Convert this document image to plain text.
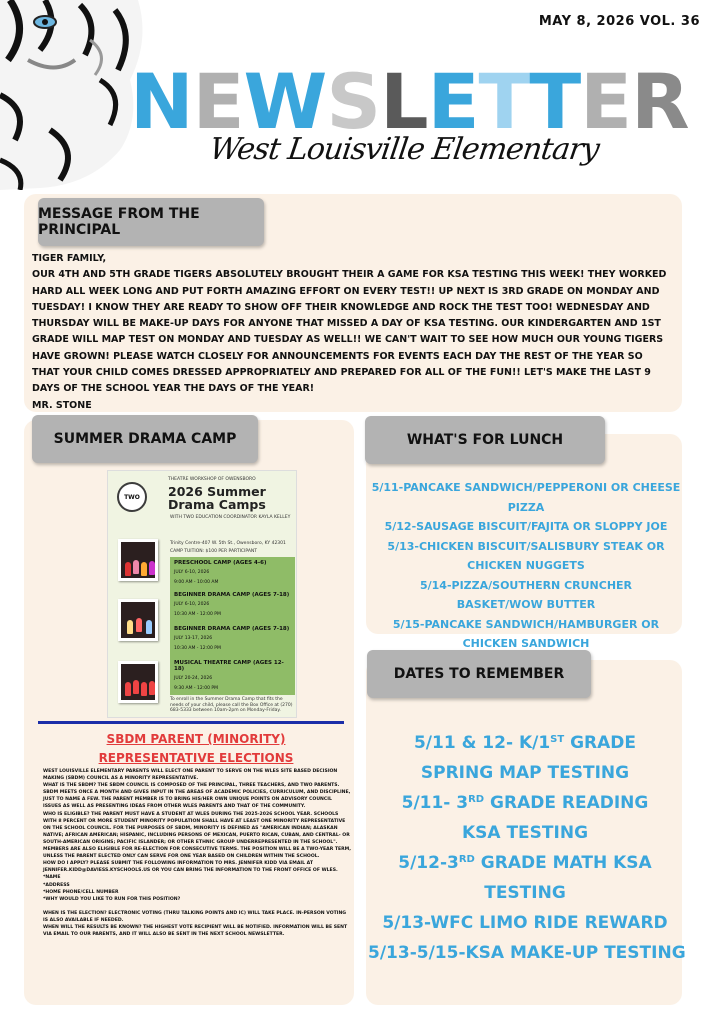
MAY 8, 2026 VOL. 36
N E W S L E T T E R
West Louisville Elementary
MESSAGE FROM THE PRINCIPAL
TIGER FAMILY,
OUR 4TH AND 5TH GRADE TIGERS ABSOLUTELY BROUGHT THEIR A GAME FOR KSA TESTING THIS WEEK! THEY WORKED HARD ALL WEEK LONG AND PUT FORTH AMAZING EFFORT ON EVERY TEST!! UP NEXT IS 3RD GRADE ON MONDAY AND TUESDAY! I KNOW THEY ARE READY TO SHOW OFF THEIR KNOWLEDGE AND ROCK THE TEST TOO! WEDNESDAY AND THURSDAY WILL BE MAKE-UP DAYS FOR ANYONE THAT MISSED A DAY OF KSA TESTING. OUR KINDERGARTEN AND 1ST GRADE WILL MAP TEST ON MONDAY AND TUESDAY AS WELL!! WE CAN'T WAIT TO SEE HOW MUCH OUR YOUNG TIGERS HAVE GROWN! PLEASE WATCH CLOSELY FOR ANNOUNCEMENTS FOR EVENTS EACH DAY THE REST OF THE YEAR SO THAT YOUR CHILD COMES DRESSED APPROPRIATELY AND PREPARED FOR ALL OF THE FUN!! LET'S MAKE THE LAST 9 DAYS OF THE SCHOOL YEAR THE DAYS OF THE YEAR!
MR. STONE
SUMMER DRAMA CAMP
TWO
THEATRE WORKSHOP OF OWENSBORO
2026 Summer Drama Camps
WITH TWO EDUCATION COORDINATOR KAYLA KELLEY
Trinity Centre-407 W. 5th St., Owensboro, KY 42301
CAMP TUITION: $100 PER PARTICIPANT
PRESCHOOL CAMP (AGES 4-6)
JULY 6-10, 2026
9:00 AM - 10:00 AM
BEGINNER DRAMA CAMP (AGES 7-18)
JULY 6-10, 2026
10:30 AM - 12:00 PM
BEGINNER DRAMA CAMP (AGES 7-18)
JULY 13-17, 2026
10:30 AM - 12:00 PM
MUSICAL THEATRE CAMP (AGES 12-18)
JULY 20-24, 2026
9:30 AM - 12:00 PM
To enroll in the Summer Drama Camp that fits the needs of your child, please call the Box Office at (270) 683-5333 between 10am-2pm on Monday-Friday.
SBDM PARENT (MINORITY) REPRESENTATIVE ELECTIONS
WEST LOUISVILLE ELEMENTARY PARENTS WILL ELECT ONE PARENT TO SERVE ON THE WLES SITE BASED DECISION MAKING (SBDM) COUNCIL AS A MINORITY REPRESENTATIVE.
WHAT IS THE SBDM? THE SBDM COUNCIL IS COMPOSED OF THE PRINCIPAL, THREE TEACHERS, AND TWO PARENTS. SBDM MEETS ONCE A MONTH AND GIVES INPUT IN THE AREAS OF ACADEMIC POLICIES, CURRICULUM, AND DISCIPLINE, JUST TO NAME A FEW. THE PARENT MEMBER IS TO BRING HIS/HER OWN UNIQUE POINTS ON ADVISORY COUNCIL ISSUES AS WELL AS PRESENTING IDEAS FROM OTHER WLES PARENTS AND THAT OF THE COMMUNITY.
WHO IS ELIGIBLE? THE PARENT MUST HAVE A STUDENT AT WLES DURING THE 2025-2026 SCHOOL YEAR. SCHOOLS WITH 8 PERCENT OR MORE STUDENT MINORITY POPULATION SHALL HAVE AT LEAST ONE MINORITY REPRESENTATIVE ON THE SCHOOL COUNCIL. FOR THE PURPOSES OF SBDM, MINORITY IS DEFINED AS "AMERICAN INDIAN; ALASKAN NATIVE; AFRICAN AMERICAN; HISPANIC, INCLUDING PERSONS OF MEXICAN, PUERTO RICAN, CUBAN, AND CENTRAL- OR SOUTH-AMERICAN ORIGINS; PACIFIC ISLANDER; OR OTHER ETHNIC GROUP UNDERREPRESENTED IN THE SCHOOL". MEMBERS ARE ALSO ELIGIBLE FOR RE-ELECTION FOR CONSECUTIVE TERMS. THE POSITION WILL BE A TWO-YEAR TERM, UNLESS THE PARENT ELECTED ONLY CAN SERVE FOR ONE YEAR BASED ON CHILDREN WITHIN THE SCHOOL.
HOW DO I APPLY? PLEASE SUBMIT THE FOLLOWING INFORMATION TO MRS. JENNIFER KIDD VIA EMAIL AT JENNIFER.KIDD@DAVIESS.KYSCHOOLS.US OR YOU CAN BRING THE INFORMATION TO THE FRONT OFFICE OF WLES.
*NAME
*ADDRESS
*HOME PHONE/CELL NUMBER
*WHY WOULD YOU LIKE TO RUN FOR THIS POSITION?
WHEN IS THE ELECTION? ELECTRONIC VOTING (THRU TALKING POINTS AND IC) WILL TAKE PLACE. IN-PERSON VOTING IS ALSO AVAILABLE IF NEEDED.
WHEN WILL THE RESULTS BE KNOWN? THE HIGHEST VOTE RECIPIENT WILL BE NOTIFIED. INFORMATION WILL BE SENT VIA EMAIL TO OUR PARENTS, AND IT WILL ALSO BE SENT IN THE NEXT SCHOOL NEWSLETTER.
WHAT'S FOR LUNCH
5/11-PANCAKE SANDWICH/PEPPERONI OR CHEESE PIZZA
5/12-SAUSAGE BISCUIT/FAJITA OR SLOPPY JOE
5/13-CHICKEN BISCUIT/SALISBURY STEAK OR CHICKEN NUGGETS
5/14-PIZZA/SOUTHERN CRUNCHER BASKET/WOW BUTTER
5/15-PANCAKE SANDWICH/HAMBURGER OR CHICKEN SANDWICH
DATES TO REMEMBER
5/11 & 12- K/1ST GRADE SPRING MAP TESTING
5/11- 3RD GRADE READING KSA TESTING
5/12-3RD GRADE MATH KSA TESTING
5/13-WFC LIMO RIDE REWARD
5/13-5/15-KSA MAKE-UP TESTING
